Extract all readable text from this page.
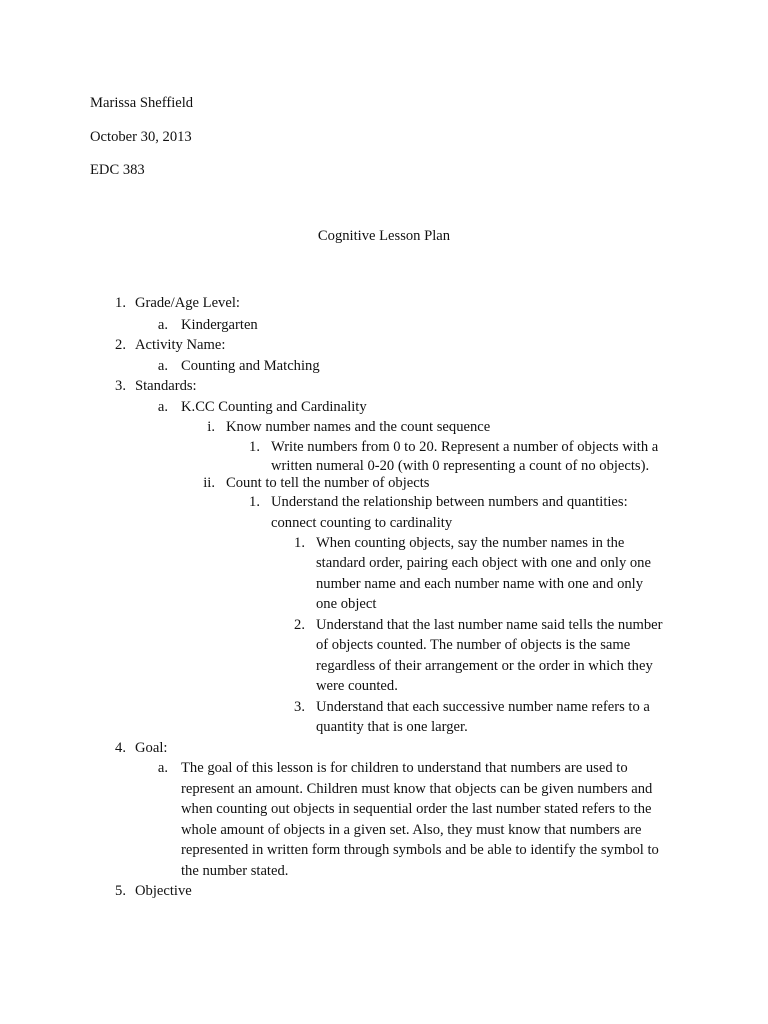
Marissa Sheffield
October 30, 2013
EDC 383
Cognitive Lesson Plan
1. Grade/Age Level:
a. Kindergarten
2. Activity Name:
a. Counting and Matching
3. Standards:
a. K.CC Counting and Cardinality
i. Know number names and the count sequence
1. Write numbers from 0 to 20. Represent a number of objects with a
written numeral 0-20 (with 0 representing a count of no objects).
ii. Count to tell the number of objects
1. Understand the relationship between numbers and quantities:
connect counting to cardinality
1. When counting objects, say the number names in the
standard order, pairing each object with one and only one
number name and each number name with one and only
one object
2. Understand that the last number name said tells the number
of objects counted. The number of objects is the same
regardless of their arrangement or the order in which they
were counted.
3. Understand that each successive number name refers to a
quantity that is one larger.
4. Goal:
a. The goal of this lesson is for children to understand that numbers are used to
represent an amount. Children must know that objects can be given numbers and
when counting out objects in sequential order the last number stated refers to the
whole amount of objects in a given set. Also, they must know that numbers are
represented in written form through symbols and be able to identify the symbol to
the number stated.
5. Objective
